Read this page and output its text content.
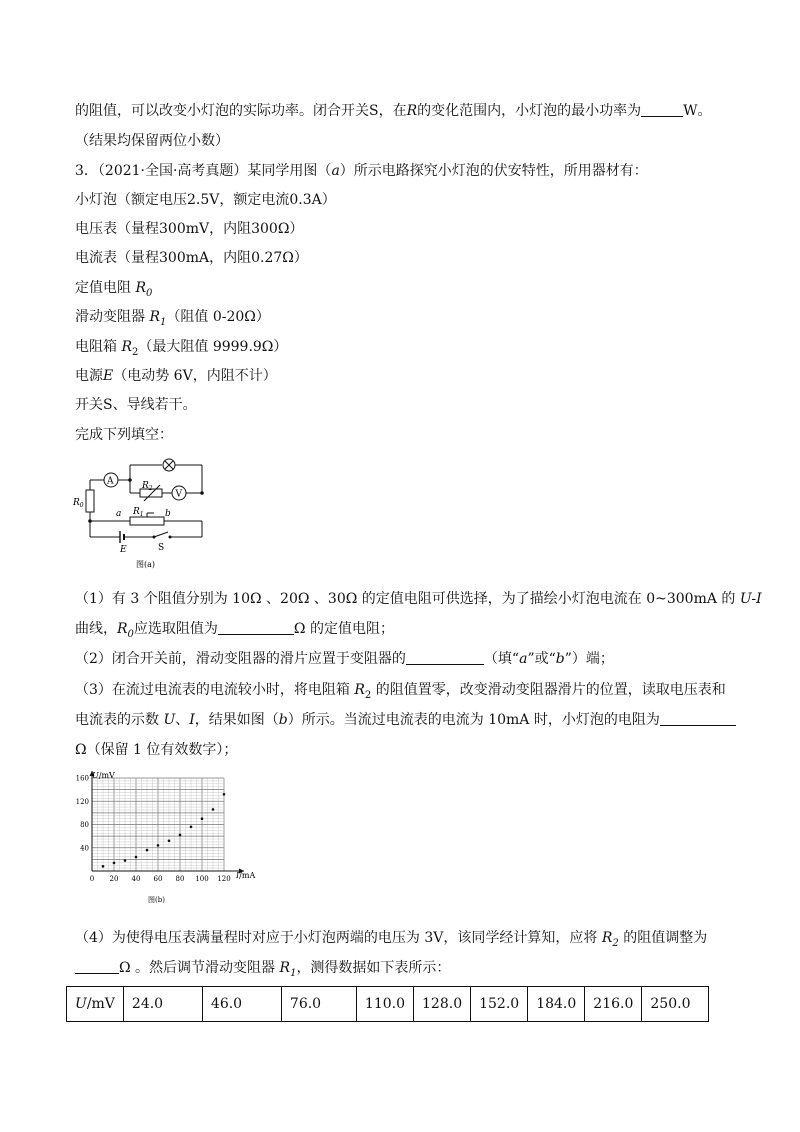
的阻值，可以改变小灯泡的实际功率。闭合开关S，在R的变化范围内，小灯泡的最小功率为	W。
（结果均保留两位小数）
3．（2021·全国·高考真题）某同学用图（a）所示电路探究小灯泡的伏安特性，所用器材有：
小灯泡（额定电压2.5V，额定电流0.3A）
电压表（量程300mV，内阻300Ω）
电流表（量程300mA，内阻0.27Ω）
定值电阻 $R_0$
滑动变阻器 $R_1$（阻值 0-20Ω）
电阻箱 $R_2$（最大阻值 9999.9Ω）
电源E（电动势 6V，内阻不计）
开关S、导线若干。
完成下列填空：
A
V
$R_0$
$R_2$
$R_1$
a	b
E	S
图(a)
（1）有 3 个阻值分别为 10Ω 、20Ω 、30Ω 的定值电阻可供选择，为了描绘小灯泡电流在 0~300mA 的 U-I
曲线，$R_0$应选取阻值为	Ω 的定值电阻；
（2）闭合开关前，滑动变阻器的滑片应置于变阻器的	（填“a”或“b”）端；
（3）在流过电流表的电流较小时，将电阻箱 $R_2$ 的阻值置零，改变滑动变阻器滑片的位置，读取电压表和
电流表的示数 U、I，结果如图（b）所示。当流过电流表的电流为 10mA 时，小灯泡的电阻为
Ω（保留 1 位有效数字）；
0 20 40 60 80 100 120
40
80
120
160 U/mV
I/mA
图(b)
（4）为使得电压表满量程时对应于小灯泡两端的电压为 3V，该同学经计算知，应将 $R_2$ 的阻值调整为
Ω 。然后调节滑动变阻器 $R_1$，测得数据如下表所示：
U/mV	24.0	46.0	76.0	110.0	128.0	152.0	184.0	216.0	250.0
